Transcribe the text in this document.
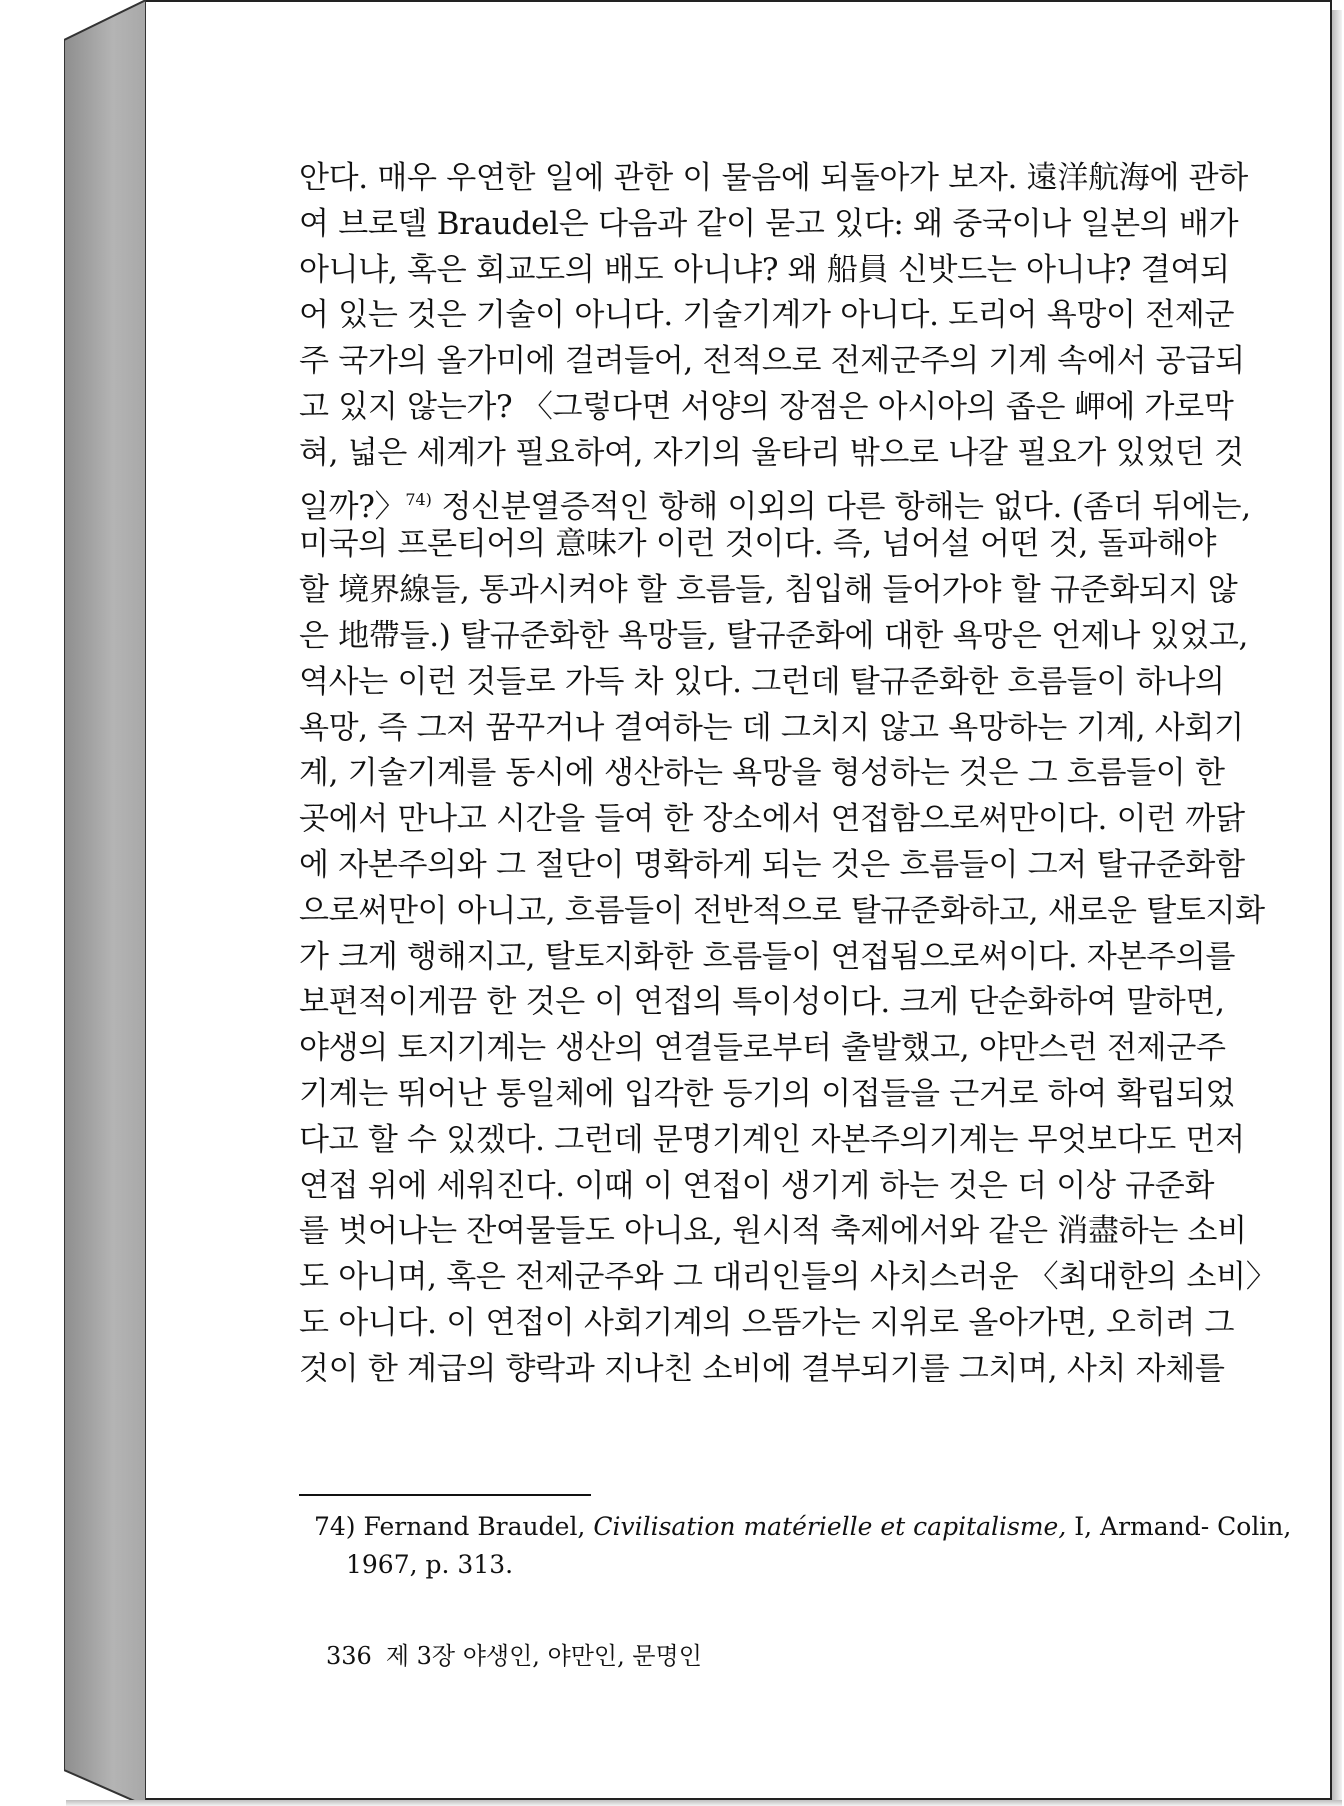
안다. 매우 우연한 일에 관한 이 물음에 되돌아가 보자. 遠洋航海에 관하
여 브로델 Braudel은 다음과 같이 묻고 있다: 왜 중국이나 일본의 배가
아니냐, 혹은 회교도의 배도 아니냐? 왜 船員 신밧드는 아니냐? 결여되
어 있는 것은 기술이 아니다. 기술기계가 아니다. 도리어 욕망이 전제군
주 국가의 올가미에 걸려들어, 전적으로 전제군주의 기계 속에서 공급되
고 있지 않는가? 〈그렇다면 서양의 장점은 아시아의 좁은 岬에 가로막
혀, 넓은 세계가 필요하여, 자기의 울타리 밖으로 나갈 필요가 있었던 것
일까?〉$^{74)}$ 정신분열증적인 항해 이외의 다른 항해는 없다. (좀더 뒤에는,
미국의 프론티어의 意味가 이런 것이다. 즉, 넘어설 어떤 것, 돌파해야
할 境界線들, 통과시켜야 할 흐름들, 침입해 들어가야 할 규준화되지 않
은 地帶들.) 탈규준화한 욕망들, 탈규준화에 대한 욕망은 언제나 있었고,
역사는 이런 것들로 가득 차 있다. 그런데 탈규준화한 흐름들이 하나의
욕망, 즉 그저 꿈꾸거나 결여하는 데 그치지 않고 욕망하는 기계, 사회기
계, 기술기계를 동시에 생산하는 욕망을 형성하는 것은 그 흐름들이 한
곳에서 만나고 시간을 들여 한 장소에서 연접함으로써만이다. 이런 까닭
에 자본주의와 그 절단이 명확하게 되는 것은 흐름들이 그저 탈규준화함
으로써만이 아니고, 흐름들이 전반적으로 탈규준화하고, 새로운 탈토지화
가 크게 행해지고, 탈토지화한 흐름들이 연접됨으로써이다. 자본주의를
보편적이게끔 한 것은 이 연접의 특이성이다. 크게 단순화하여 말하면,
야생의 토지기계는 생산의 연결들로부터 출발했고, 야만스런 전제군주
기계는 뛰어난 통일체에 입각한 등기의 이접들을 근거로 하여 확립되었
다고 할 수 있겠다. 그런데 문명기계인 자본주의기계는 무엇보다도 먼저
연접 위에 세워진다. 이때 이 연접이 생기게 하는 것은 더 이상 규준화
를 벗어나는 잔여물들도 아니요, 원시적 축제에서와 같은 消盡하는 소비
도 아니며, 혹은 전제군주와 그 대리인들의 사치스러운 〈최대한의 소비〉
도 아니다. 이 연접이 사회기계의 으뜸가는 지위로 올아가면, 오히려 그
것이 한 계급의 향락과 지나친 소비에 결부되기를 그치며, 사치 자체를
74) Fernand Braudel, Civilisation matérielle et capitalisme, I, Armand- Colin,
1967, p. 313.
336 제 3장 야생인, 야만인, 문명인
